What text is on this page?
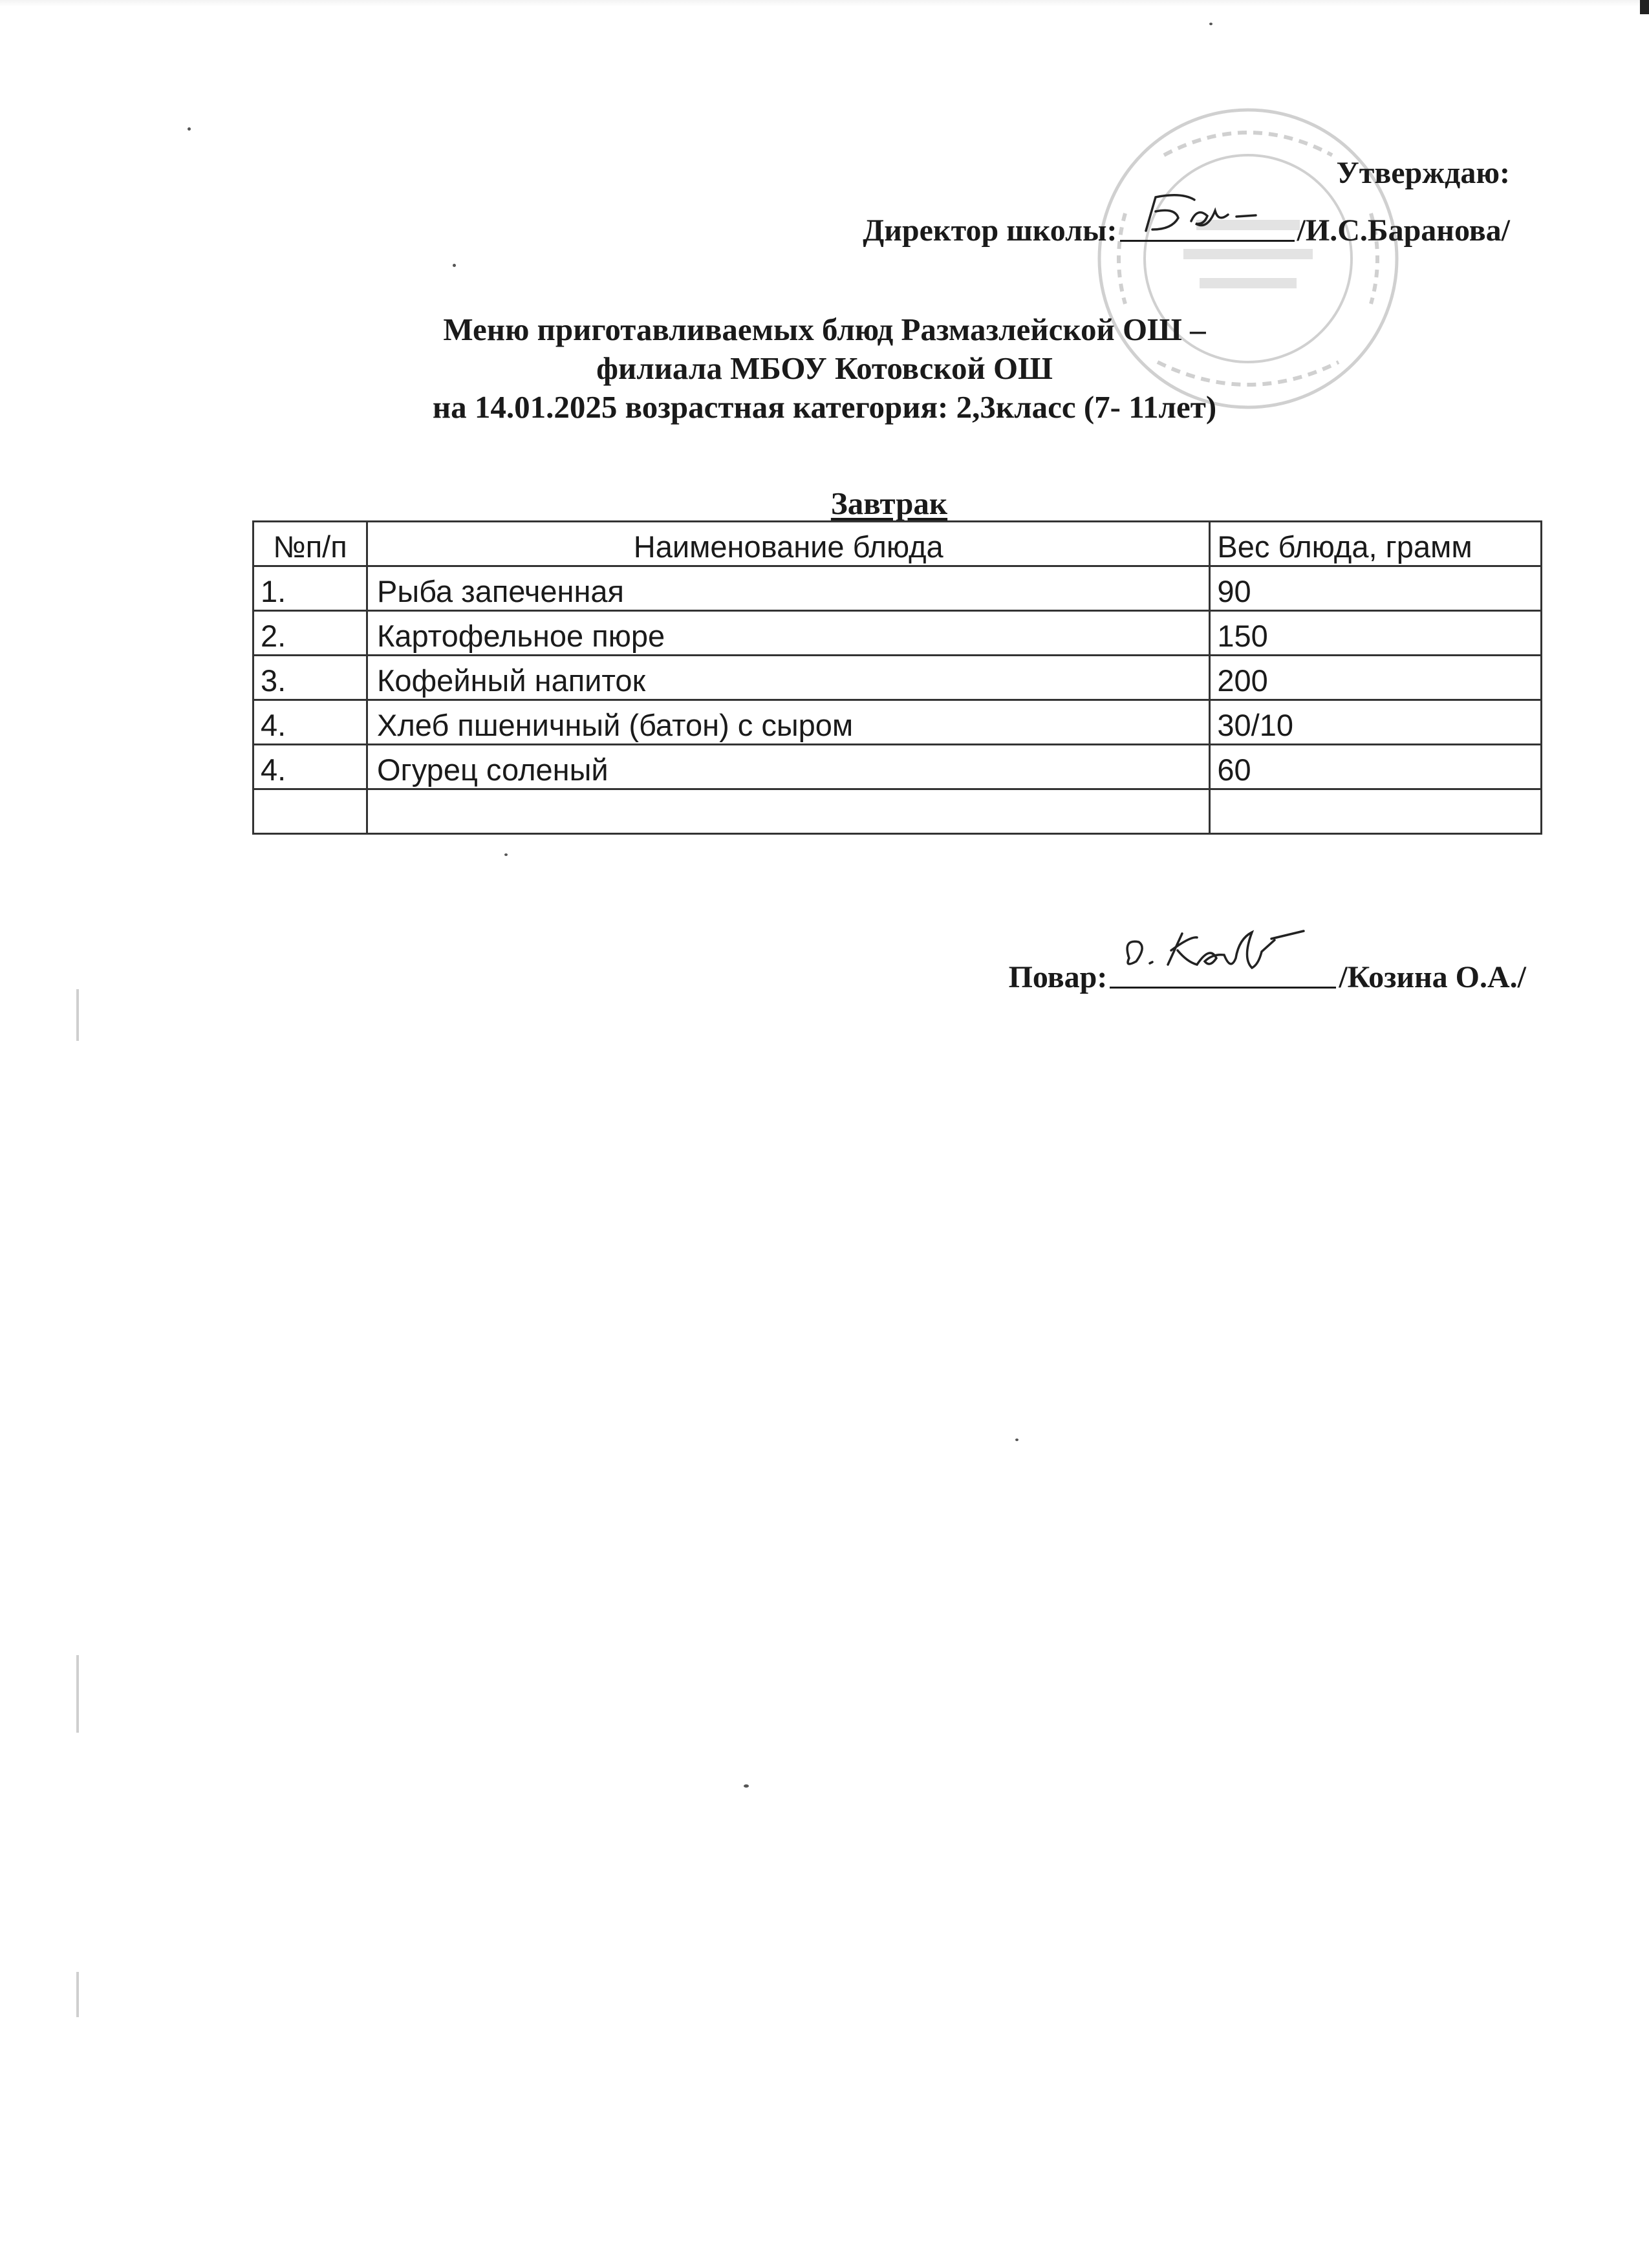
Утверждаю:
Директор школы:	/И.С.Баранова/
Меню приготавливаемых блюд Размазлейской ОШ –
филиала МБОУ Котовской ОШ
на 14.01.2025 возрастная категория: 2,3класс (7- 11лет)
Завтрак
№п/п	Наименование блюда	Вес блюда, грамм
1.	Рыба запеченная	90
2.	Картофельное пюре	150
3.	Кофейный напиток	200
4.	Хлеб пшеничный (батон) с сыром	30/10
4.	Огурец соленый	60

Повар:	/Козина О.А./
